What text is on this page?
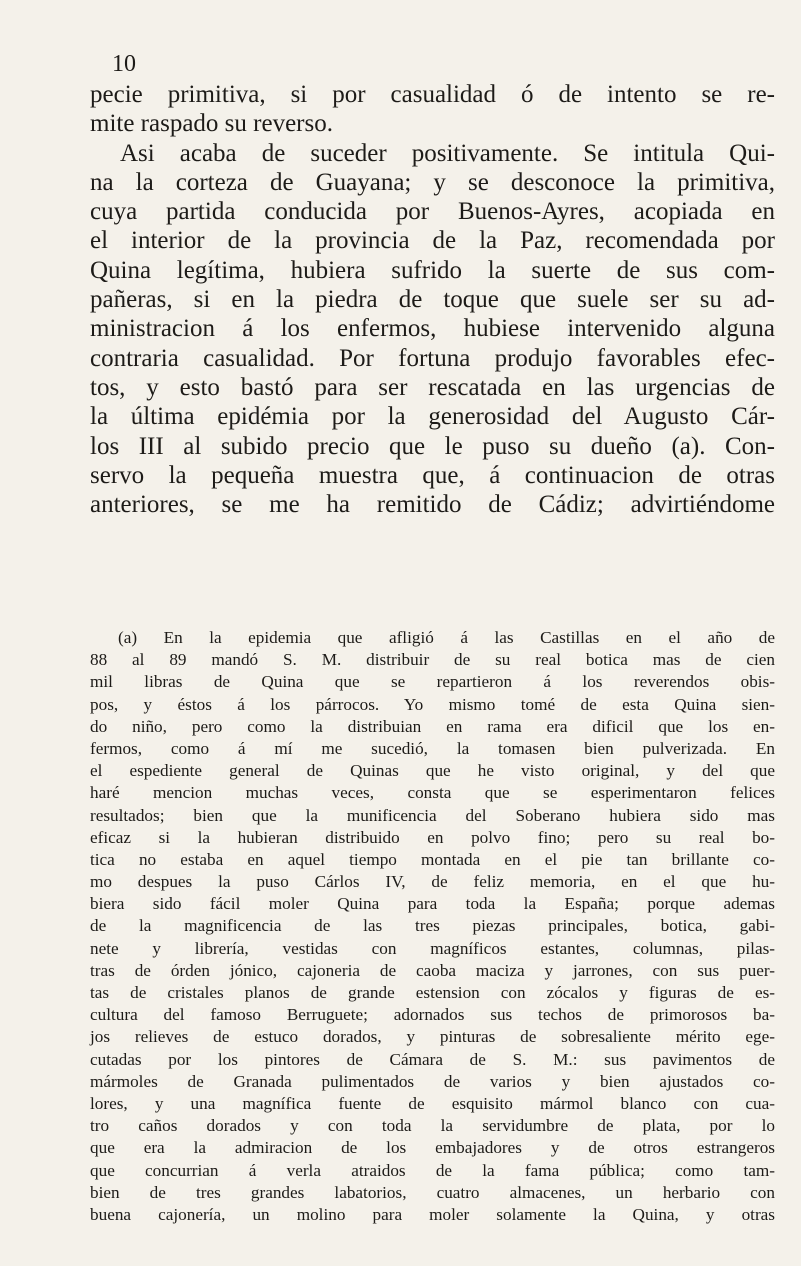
10
pecie primitiva, si por casualidad ó de intento se re-
mite raspado su reverso.
Asi acaba de suceder positivamente. Se intitula Qui-
na la corteza de Guayana; y se desconoce la primitiva,
cuya partida conducida por Buenos-Ayres, acopiada en
el interior de la provincia de la Paz, recomendada por
Quina legítima, hubiera sufrido la suerte de sus com-
pañeras, si en la piedra de toque que suele ser su ad-
ministracion á los enfermos, hubiese intervenido alguna
contraria casualidad. Por fortuna produjo favorables efec-
tos, y esto bastó para ser rescatada en las urgencias de
la última epidémia por la generosidad del Augusto Cár-
los III al subido precio que le puso su dueño (a). Con-
servo la pequeña muestra que, á continuacion de otras
anteriores, se me ha remitido de Cádiz; advirtiéndome
(a) En la epidemia que afligió á las Castillas en el año de
88 al 89 mandó S. M. distribuir de su real botica mas de cien
mil libras de Quina que se repartieron á los reverendos obis-
pos, y éstos á los párrocos. Yo mismo tomé de esta Quina sien-
do niño, pero como la distribuian en rama era dificil que los en-
fermos, como á mí me sucedió, la tomasen bien pulverizada. En
el espediente general de Quinas que he visto original, y del que
haré mencion muchas veces, consta que se esperimentaron felices
resultados; bien que la munificencia del Soberano hubiera sido mas
eficaz si la hubieran distribuido en polvo fino; pero su real bo-
tica no estaba en aquel tiempo montada en el pie tan brillante co-
mo despues la puso Cárlos IV, de feliz memoria, en el que hu-
biera sido fácil moler Quina para toda la España; porque ademas
de la magnificencia de las tres piezas principales, botica, gabi-
nete y librería, vestidas con magníficos estantes, columnas, pilas-
tras de órden jónico, cajoneria de caoba maciza y jarrones, con sus puer-
tas de cristales planos de grande estension con zócalos y figuras de es-
cultura del famoso Berruguete; adornados sus techos de primorosos ba-
jos relieves de estuco dorados, y pinturas de sobresaliente mérito ege-
cutadas por los pintores de Cámara de S. M.: sus pavimentos de
mármoles de Granada pulimentados de varios y bien ajustados co-
lores, y una magnífica fuente de esquisito mármol blanco con cua-
tro caños dorados y con toda la servidumbre de plata, por lo
que era la admiracion de los embajadores y de otros estrangeros
que concurrian á verla atraidos de la fama pública; como tam-
bien de tres grandes labatorios, cuatro almacenes, un herbario con
buena cajonería, un molino para moler solamente la Quina, y otras
